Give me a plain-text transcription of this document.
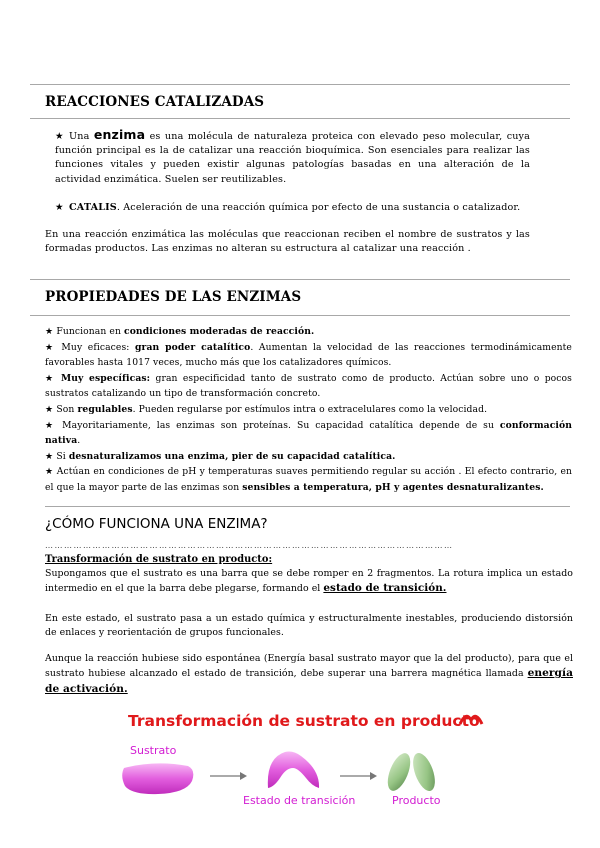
REACCIONES CATALIZADAS
★ Una enzima es una molécula de naturaleza proteica con elevado peso molecular, cuya función principal es la de catalizar una reacción bioquímica. Son esenciales para realizar las funciones vitales y pueden existir algunas patologías basadas en una alteración de la actividad enzimática. Suelen ser reutilizables.
★ CATALIS. Aceleración de una reacción química por efecto de una sustancia o catalizador.
En una reacción enzimática las moléculas que reaccionan reciben el nombre de sustratos y las formadas productos. Las enzimas no alteran su estructura al catalizar una reacción .
PROPIEDADES DE LAS ENZIMAS
★ Funcionan en condiciones moderadas de reacción.
★ Muy eficaces: gran poder catalítico. Aumentan la velocidad de las reacciones termodinámicamente favorables hasta 1017 veces, mucho más que los catalizadores químicos.
★ Muy específicas: gran especificidad tanto de sustrato como de producto. Actúan sobre uno o pocos sustratos catalizando un tipo de transformación concreto.
★ Son regulables. Pueden regularse por estímulos intra o extracelulares como la velocidad.
★ Mayoritariamente, las enzimas son proteínas. Su capacidad catalítica depende de su conformación nativa.
★ Si desnaturalizamos una enzima, pier de su capacidad catalítica.
★ Actúan en condiciones de pH y temperaturas suaves permitiendo regular su acción . El efecto contrario, en el que la mayor parte de las enzimas son sensibles a temperatura, pH y agentes desnaturalizantes.
¿CÓMO FUNCIONA UNA ENZIMA?
…………………………………………………………………………………………………………………
Transformación de sustrato en producto:
Supongamos que el sustrato es una barra que se debe romper en 2 fragmentos. La rotura implica un estado intermedio en el que la barra debe plegarse, formando el estado de transición.
En este estado, el sustrato pasa a un estado química y estructuralmente inestables, produciendo distorsión de enlaces y reorientación de grupos funcionales.
Aunque la reacción hubiese sido espontánea (Energía basal sustrato mayor que la del producto), para que el sustrato hubiese alcanzado el estado de transición, debe superar una barrera magnética llamada energía de activación.
Transformación de sustrato en producto
Sustrato
Estado de transición	Producto
